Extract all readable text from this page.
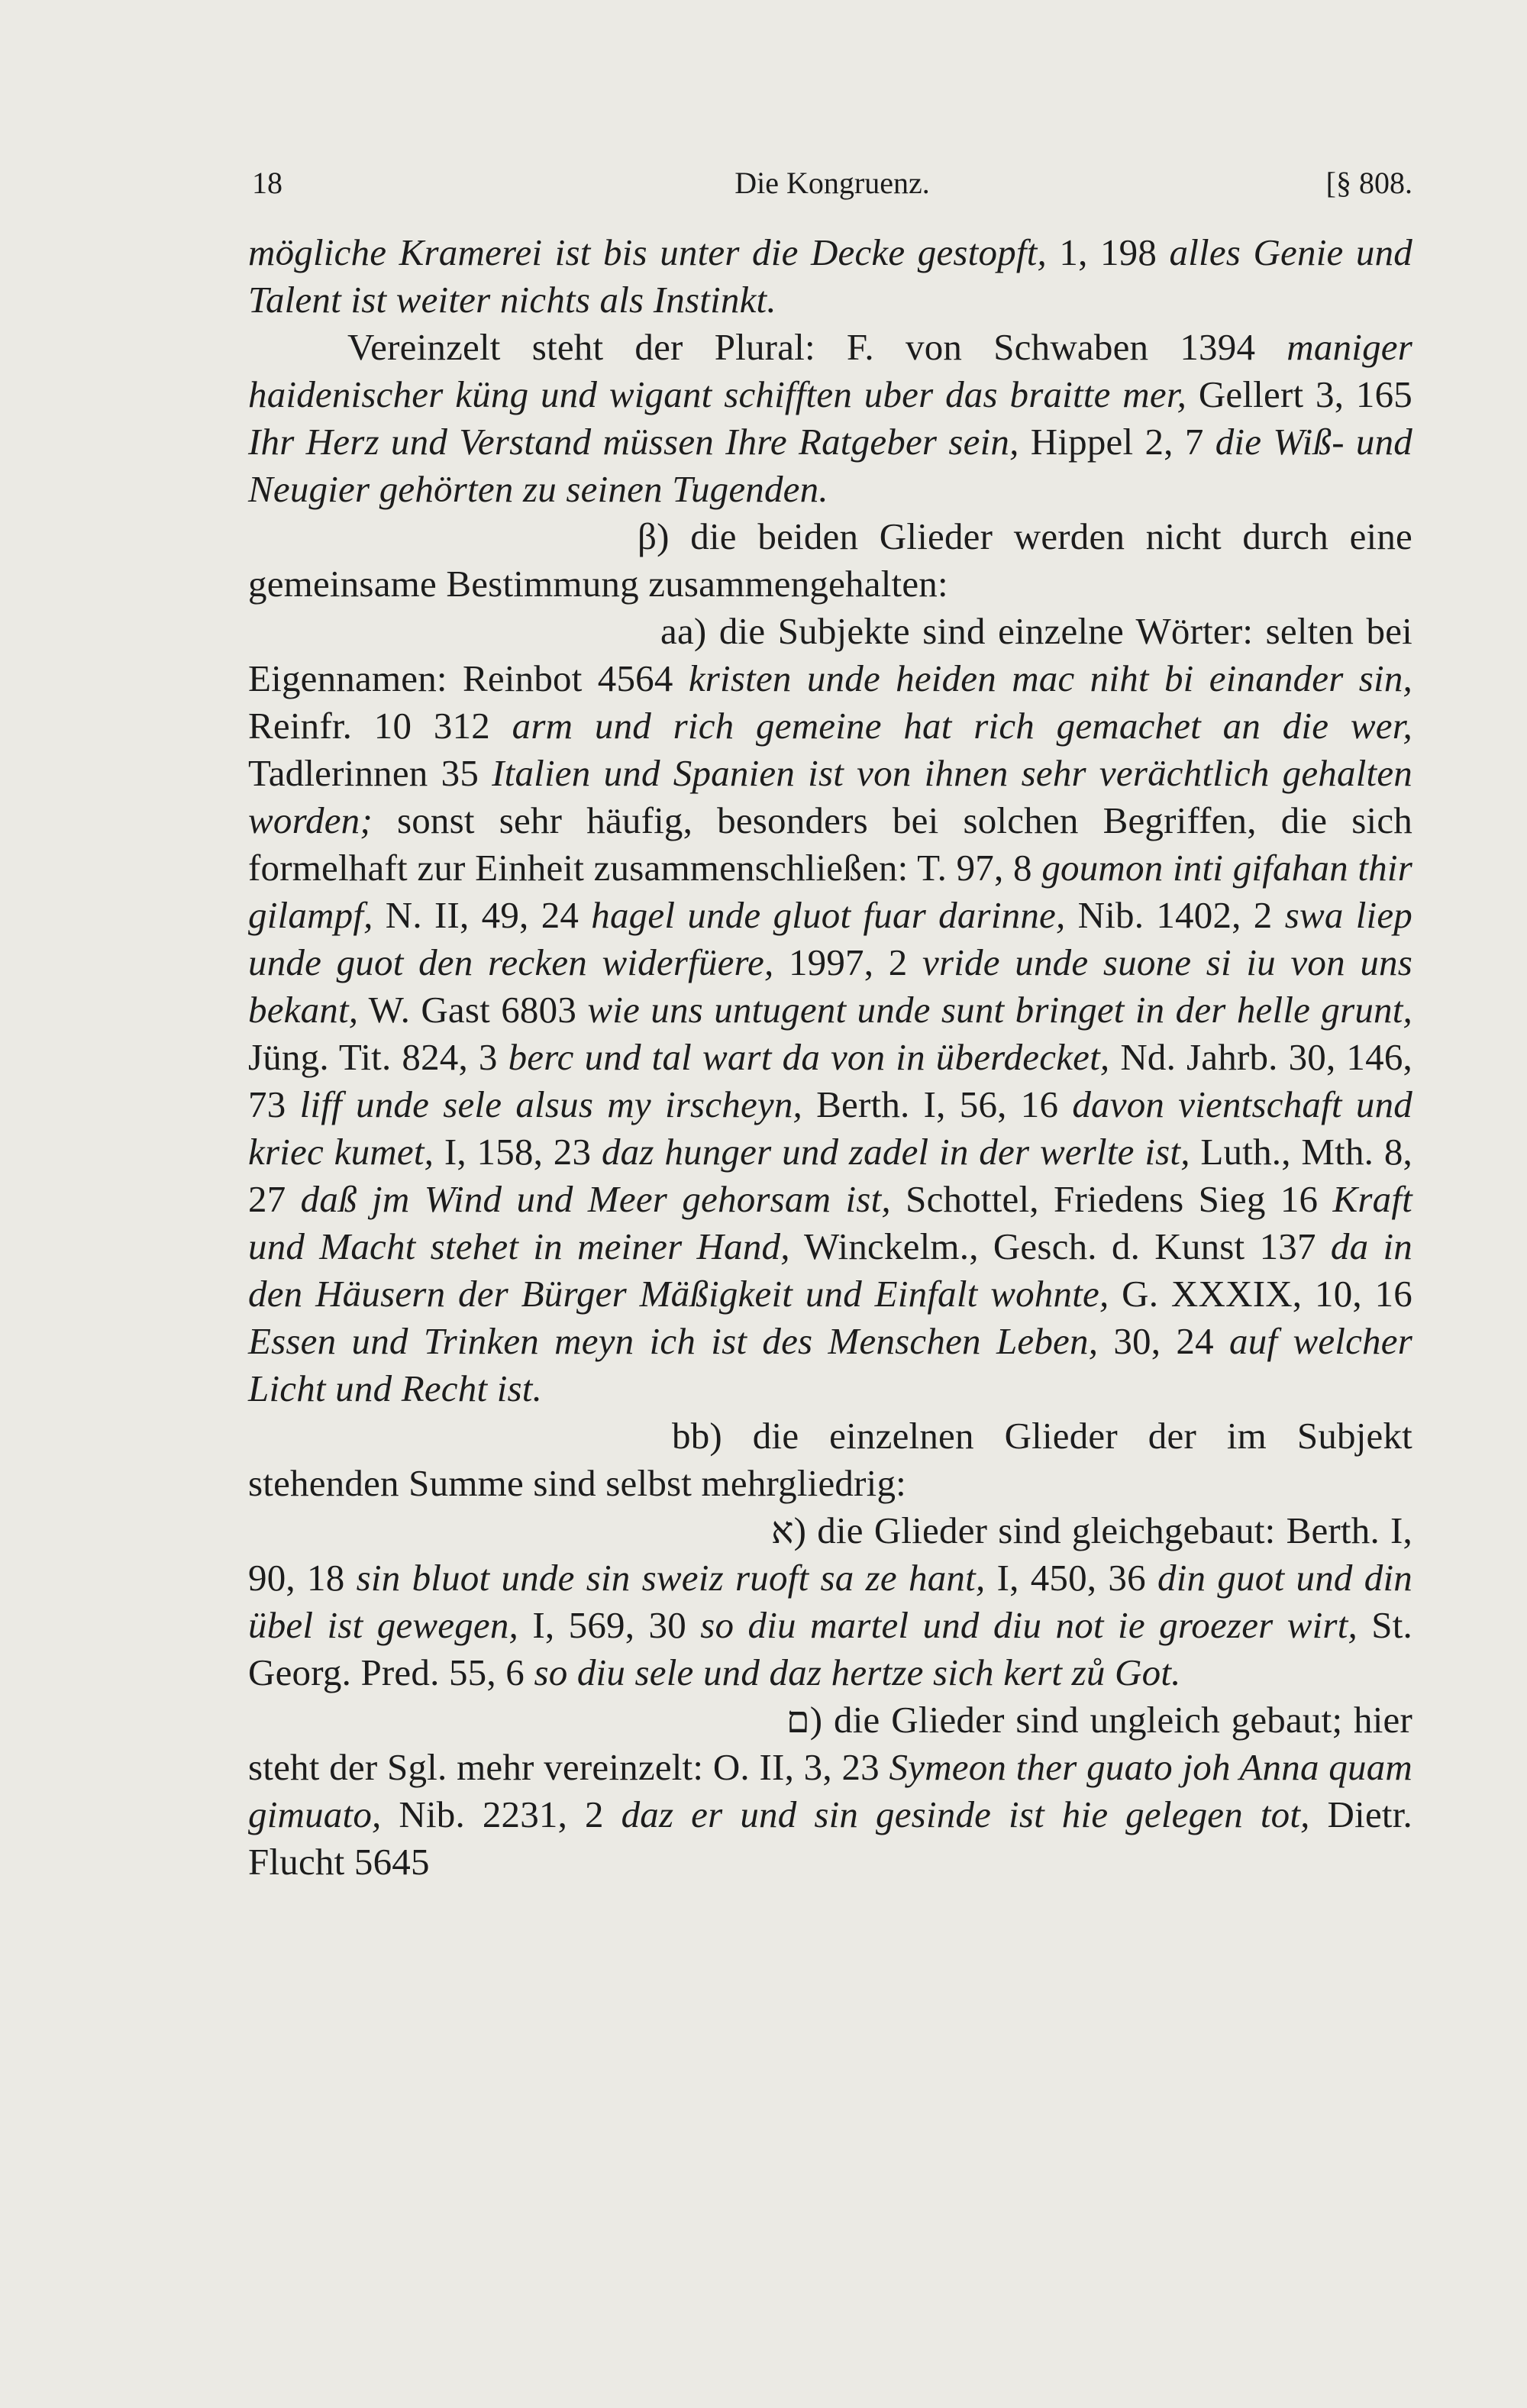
18	Die Kongruenz.	[§ 808.

mögliche Kramerei ist bis unter die Decke gestopft, 1, 198 alles Genie und Talent ist weiter nichts als Instinkt.

Vereinzelt steht der Plural: F. von Schwaben 1394 maniger haidenischer küng und wigant schifften uber das braitte mer, Gellert 3, 165 Ihr Herz und Verstand müssen Ihre Ratgeber sein, Hippel 2, 7 die Wiß- und Neugier gehörten zu seinen Tugenden.

β) die beiden Glieder werden nicht durch eine gemeinsame Bestimmung zusammengehalten:

aa) die Subjekte sind einzelne Wörter: selten bei Eigennamen: Reinbot 4564 kristen unde heiden mac niht bi einander sin, Reinfr. 10 312 arm und rich gemeine hat rich gemachet an die wer, Tadlerinnen 35 Italien und Spanien ist von ihnen sehr verächtlich gehalten worden; sonst sehr häufig, besonders bei solchen Begriffen, die sich formelhaft zur Einheit zusammenschließen: T. 97, 8 goumon inti gifahan thir gilampf, N. II, 49, 24 hagel unde gluot fuar darinne, Nib. 1402, 2 swa liep unde guot den recken widerfüere, 1997, 2 vride unde suone si iu von uns bekant, W. Gast 6803 wie uns untugent unde sunt bringet in der helle grunt, Jüng. Tit. 824, 3 berc und tal wart da von in überdecket, Nd. Jahrb. 30, 146, 73 liff unde sele alsus my irscheyn, Berth. I, 56, 16 davon vientschaft und kriec kumet, I, 158, 23 daz hunger und zadel in der werlte ist, Luth., Mth. 8, 27 daß jm Wind und Meer gehorsam ist, Schottel, Friedens Sieg 16 Kraft und Macht stehet in meiner Hand, Winckelm., Gesch. d. Kunst 137 da in den Häusern der Bürger Mäßigkeit und Einfalt wohnte, G. XXXIX, 10, 16 Essen und Trinken meyn ich ist des Menschen Leben, 30, 24 auf welcher Licht und Recht ist.

bb) die einzelnen Glieder der im Subjekt stehenden Summe sind selbst mehrgliedrig:

א) die Glieder sind gleichgebaut: Berth. I, 90, 18 sin bluot unde sin sweiz ruoft sa ze hant, I, 450, 36 din guot und din übel ist gewegen, I, 569, 30 so diu martel und diu not ie groezer wirt, St. Georg. Pred. 55, 6 so diu sele und daz hertze sich kert zů Got.

ם) die Glieder sind ungleich gebaut; hier steht der Sgl. mehr vereinzelt: O. II, 3, 23 Symeon ther guato joh Anna quam gimuato, Nib. 2231, 2 daz er und sin gesinde ist hie gelegen tot, Dietr. Flucht 5645
